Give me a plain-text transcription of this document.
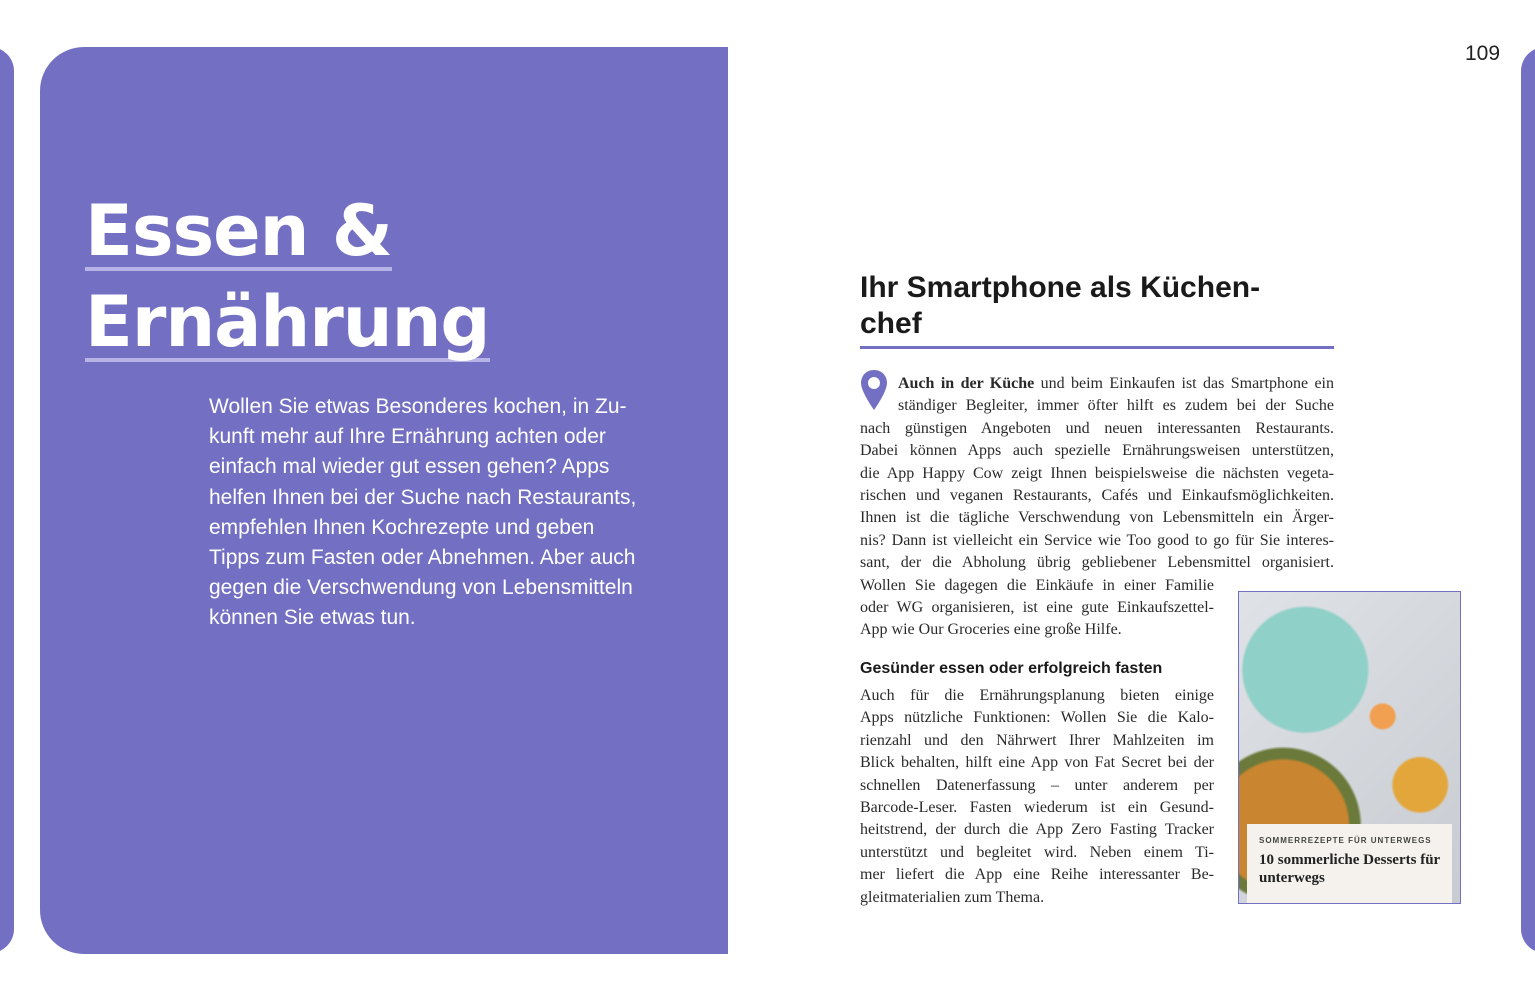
Essen &
Ernährung
Wollen Sie etwas Besonderes kochen, in Zu-
kunft mehr auf Ihre Ernährung achten oder
einfach mal wieder gut essen gehen? Apps
helfen Ihnen bei der Suche nach Restaurants,
empfehlen Ihnen Kochrezepte und geben
Tipps zum Fasten oder Abnehmen. Aber auch
gegen die Verschwendung von Lebensmitteln
können Sie etwas tun.
109
Ihr Smartphone als Küchen-
chef
Auch in der Küche und beim Einkaufen ist das Smartphone ein
ständiger Begleiter, immer öfter hilft es zudem bei der Suche
nach günstigen Angeboten und neuen interessanten Restaurants.
Dabei können Apps auch spezielle Ernährungsweisen unterstützen,
die App Happy Cow zeigt Ihnen beispielsweise die nächsten vegeta-
rischen und veganen Restaurants, Cafés und Einkaufsmöglichkeiten.
Ihnen ist die tägliche Verschwendung von Lebensmitteln ein Ärger-
nis? Dann ist vielleicht ein Service wie Too good to go für Sie interes-
sant, der die Abholung übrig gebliebener Lebensmittel organisiert.
Wollen Sie dagegen die Einkäufe in einer Familie
oder WG organisieren, ist eine gute Einkaufszettel-
App wie Our Groceries eine große Hilfe.
Gesünder essen oder erfolgreich fasten
Auch für die Ernährungsplanung bieten einige
Apps nützliche Funktionen: Wollen Sie die Kalo-
rienzahl und den Nährwert Ihrer Mahlzeiten im
Blick behalten, hilft eine App von Fat Secret bei der
schnellen Datenerfassung – unter anderem per
Barcode-Leser. Fasten wiederum ist ein Gesund-
heitstrend, der durch die App Zero Fasting Tracker
unterstützt und begleitet wird. Neben einem Ti-
mer liefert die App eine Reihe interessanter Be-
gleitmaterialien zum Thema.
SOMMERREZEPTE FÜR UNTERWEGS
10 sommerliche Desserts für unterwegs
